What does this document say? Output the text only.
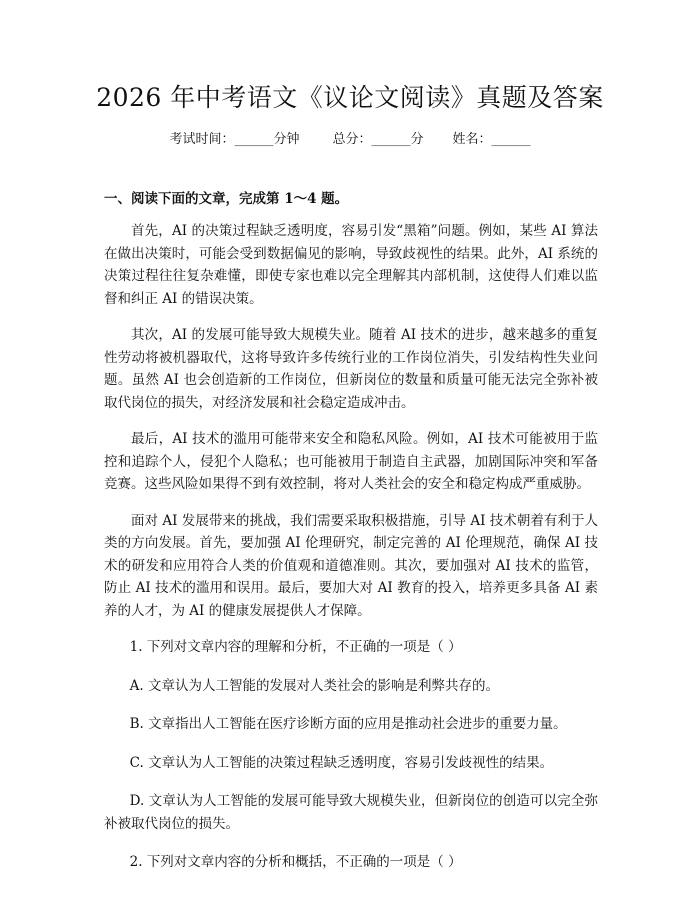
2026 年中考语文《议论文阅读》真题及答案
考试时间：______分钟	总分：______分 姓名：______
一、阅读下面的文章，完成第 1～4 题。

首先，AI 的决策过程缺乏透明度，容易引发“黑箱”问题。例如，某些 AI 算法在做出决策时，可能会受到数据偏见的影响，导致歧视性的结果。此外，AI 系统的决策过程往往复杂难懂，即使专家也难以完全理解其内部机制，这使得人们难以监督和纠正 AI 的错误决策。

其次，AI 的发展可能导致大规模失业。随着 AI 技术的进步，越来越多的重复性劳动将被机器取代，这将导致许多传统行业的工作岗位消失，引发结构性失业问题。虽然 AI 也会创造新的工作岗位，但新岗位的数量和质量可能无法完全弥补被取代岗位的损失，对经济发展和社会稳定造成冲击。

最后，AI 技术的滥用可能带来安全和隐私风险。例如，AI 技术可能被用于监控和追踪个人，侵犯个人隐私；也可能被用于制造自主武器，加剧国际冲突和军备竞赛。这些风险如果得不到有效控制，将对人类社会的安全和稳定构成严重威胁。

面对 AI 发展带来的挑战，我们需要采取积极措施，引导 AI 技术朝着有利于人类的方向发展。首先，要加强 AI 伦理研究，制定完善的 AI 伦理规范，确保 AI 技术的研发和应用符合人类的价值观和道德准则。其次，要加强对 AI 技术的监管，防止 AI 技术的滥用和误用。最后，要加大对 AI 教育的投入，培养更多具备 AI 素养的人才，为 AI 的健康发展提供人才保障。

1. 下列对文章内容的理解和分析，不正确的一项是（ ）

A. 文章认为人工智能的发展对人类社会的影响是利弊共存的。

B. 文章指出人工智能在医疗诊断方面的应用是推动社会进步的重要力量。

C. 文章认为人工智能的决策过程缺乏透明度，容易引发歧视性的结果。

D. 文章认为人工智能的发展可能导致大规模失业，但新岗位的创造可以完全弥补被取代岗位的损失。

2. 下列对文章内容的分析和概括，不正确的一项是（ ）
